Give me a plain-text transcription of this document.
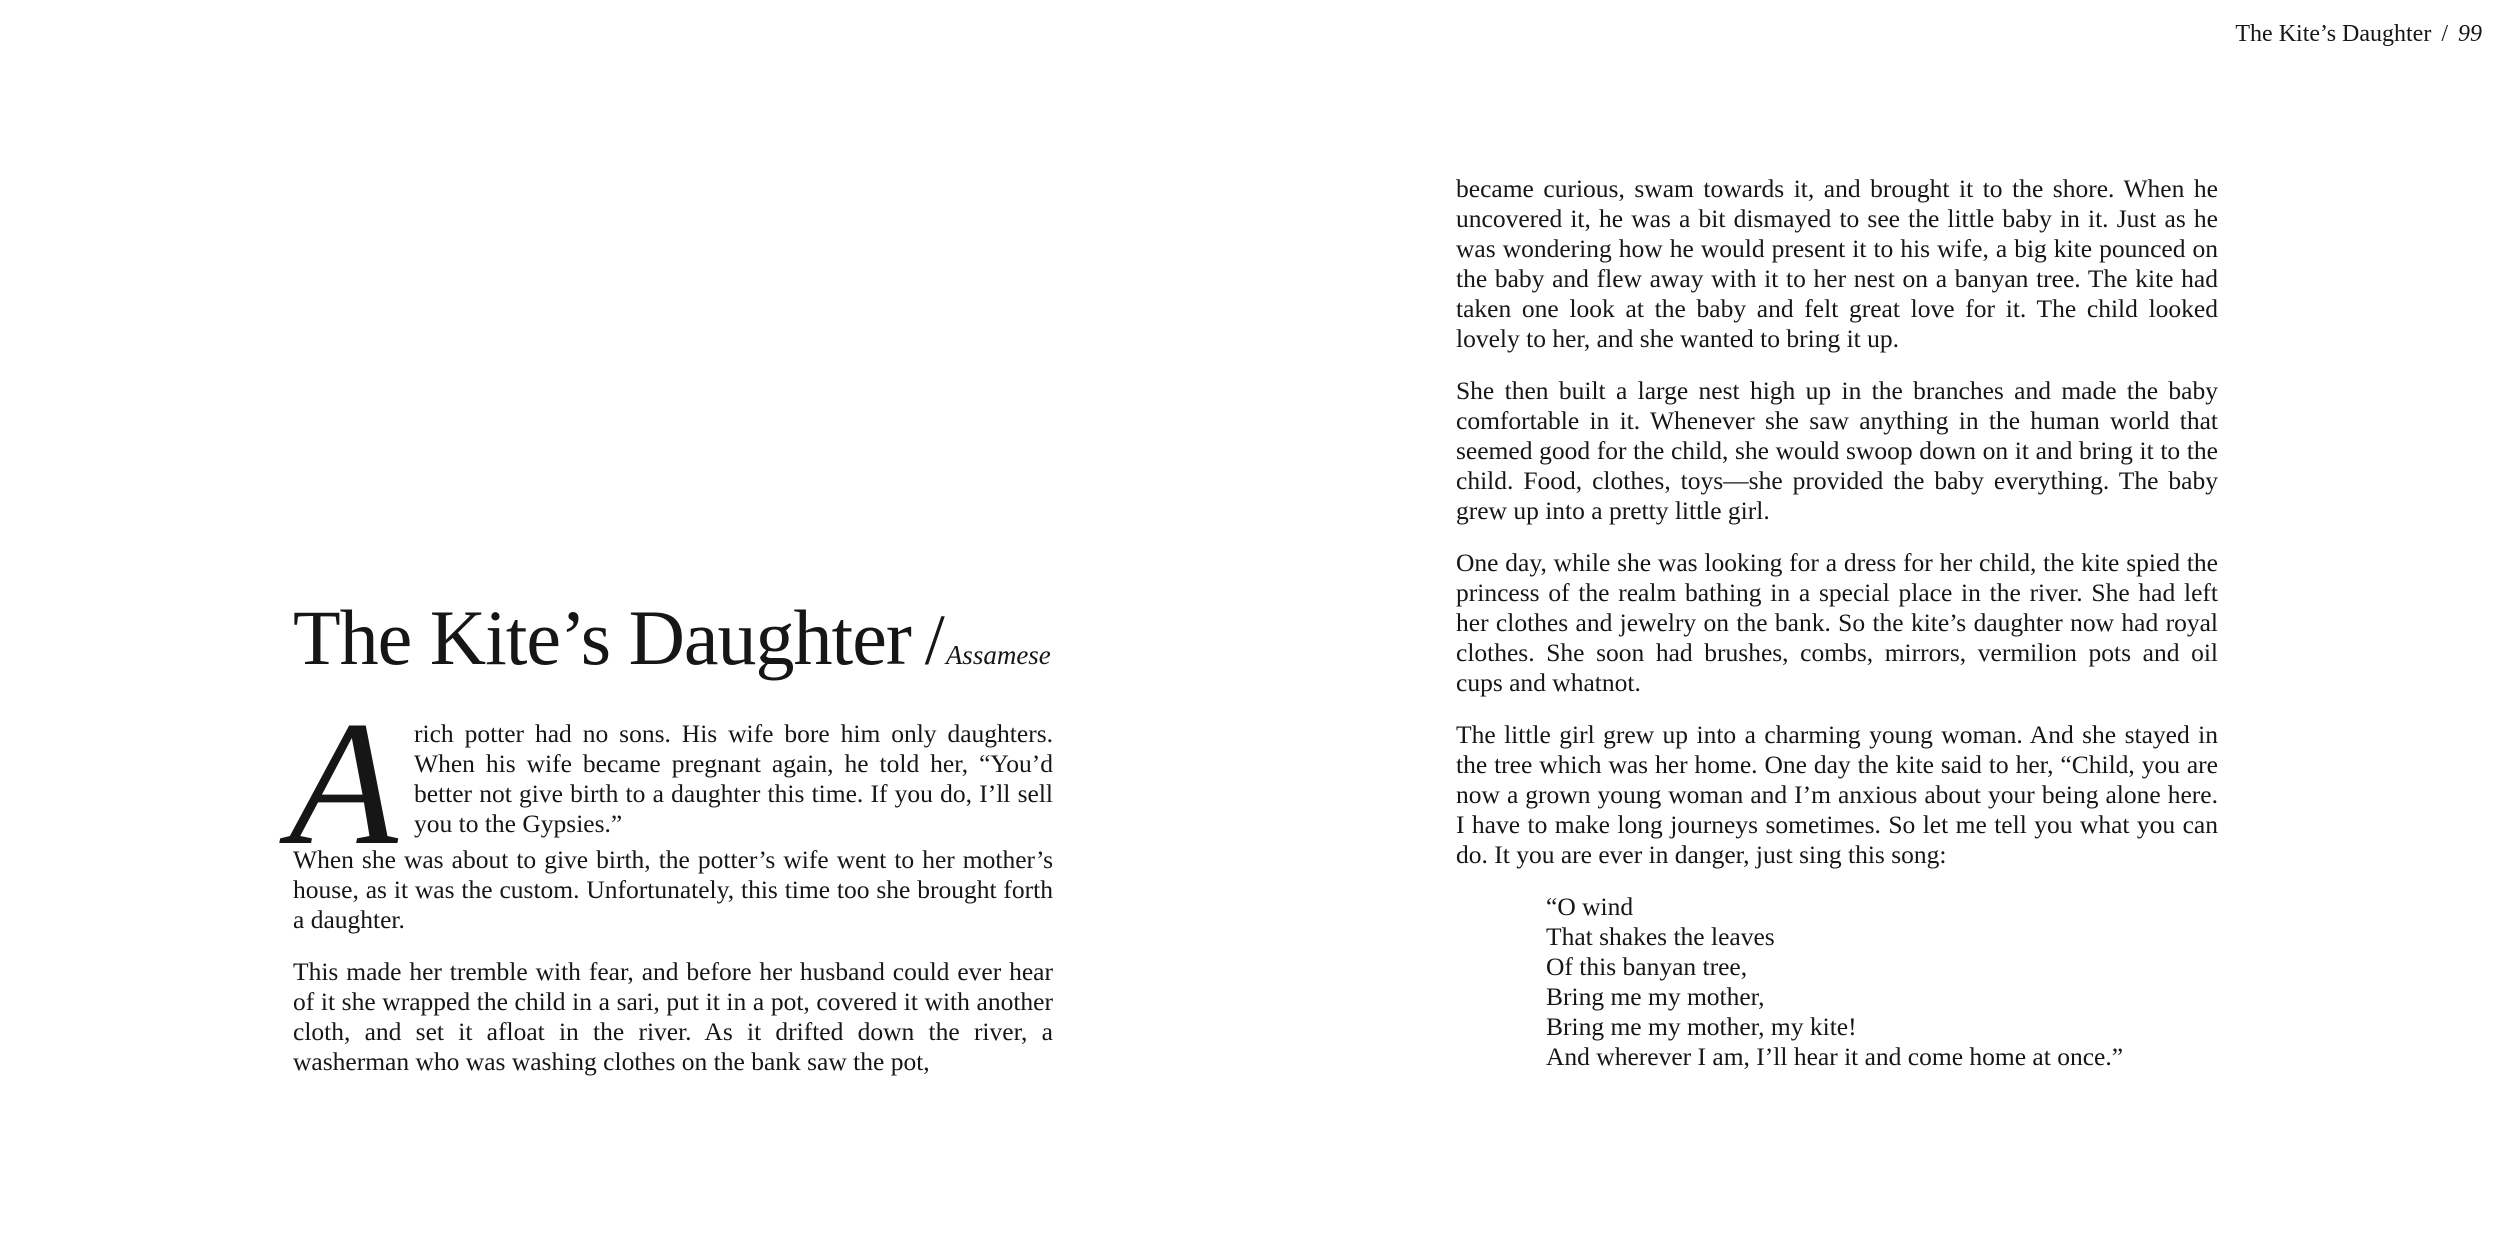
The Kite’s Daughter / 99
The Kite’s Daughter /Assamese
A rich potter had no sons. His wife bore him only daughters. When his wife became pregnant again, he told her, “You’d better not give birth to a daughter this time. If you do, I’ll sell you to the Gypsies.”

When she was about to give birth, the potter’s wife went to her mother’s house, as it was the custom. Unfortunately, this time too she brought forth a daughter.

This made her tremble with fear, and before her husband could ever hear of it she wrapped the child in a sari, put it in a pot, covered it with another cloth, and set it afloat in the river. As it drifted down the river, a washerman who was washing clothes on the bank saw the pot,

became curious, swam towards it, and brought it to the shore. When he uncovered it, he was a bit dismayed to see the little baby in it. Just as he was wondering how he would present it to his wife, a big kite pounced on the baby and flew away with it to her nest on a banyan tree. The kite had taken one look at the baby and felt great love for it. The child looked lovely to her, and she wanted to bring it up.

She then built a large nest high up in the branches and made the baby comfortable in it. Whenever she saw anything in the human world that seemed good for the child, she would swoop down on it and bring it to the child. Food, clothes, toys—she provided the baby everything. The baby grew up into a pretty little girl.

One day, while she was looking for a dress for her child, the kite spied the princess of the realm bathing in a special place in the river. She had left her clothes and jewelry on the bank. So the kite’s daughter now had royal clothes. She soon had brushes, combs, mirrors, vermilion pots and oil cups and whatnot.

The little girl grew up into a charming young woman. And she stayed in the tree which was her home. One day the kite said to her, “Child, you are now a grown young woman and I’m anxious about your being alone here. I have to make long journeys sometimes. So let me tell you what you can do. It you are ever in danger, just sing this song:

“O wind
That shakes the leaves
Of this banyan tree,
Bring me my mother,
Bring me my mother, my kite!
And wherever I am, I’ll hear it and come home at once.”
